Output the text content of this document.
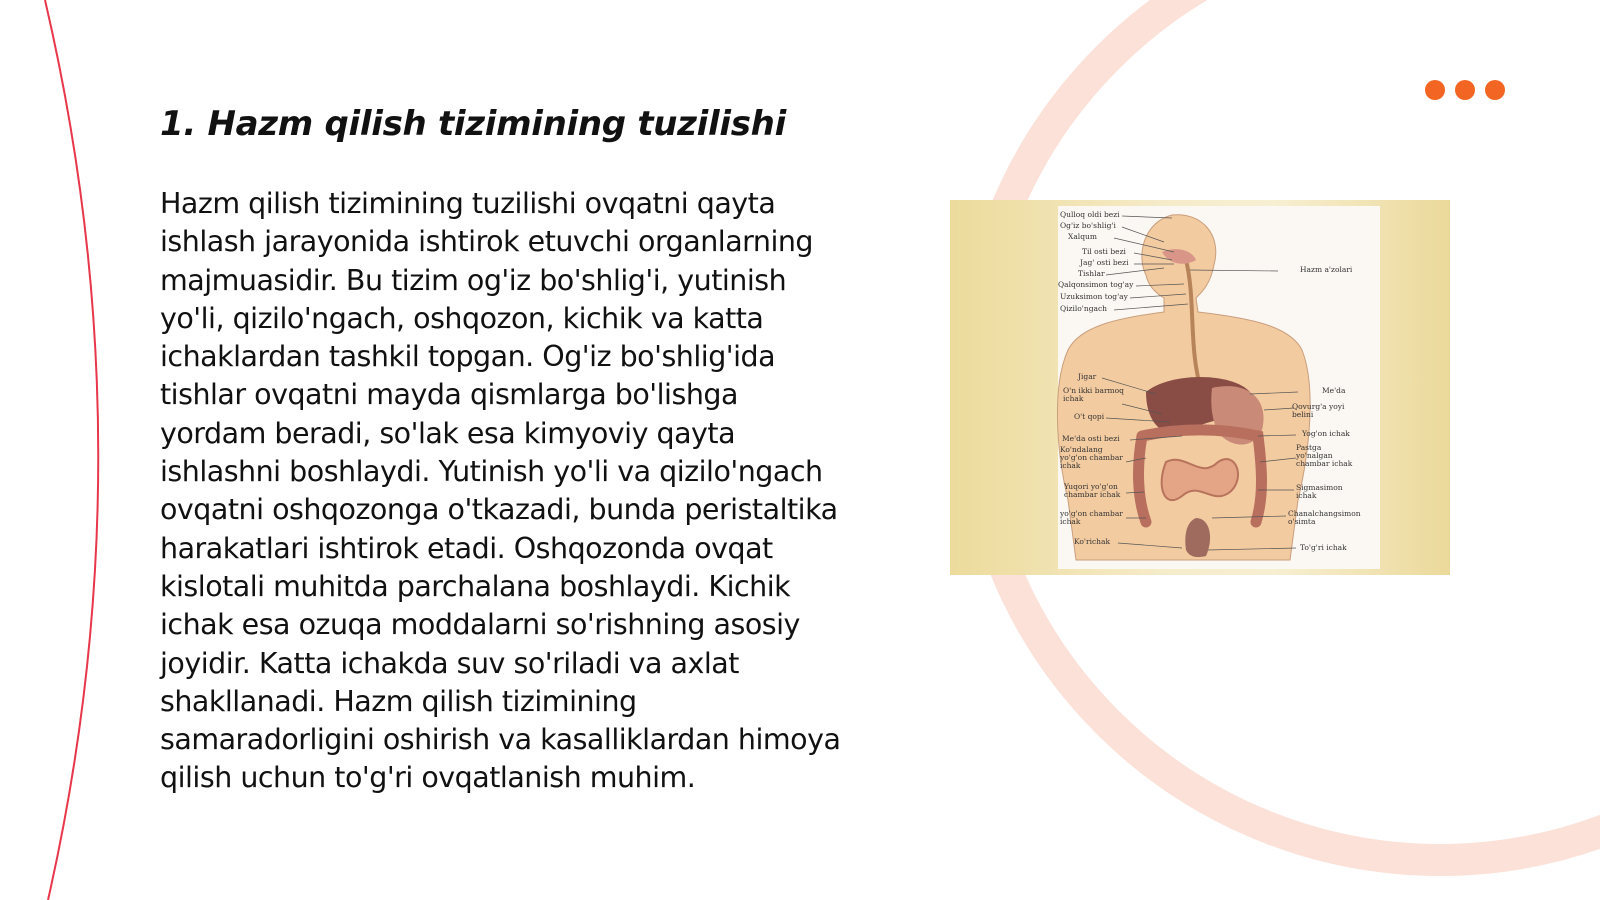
1. Hazm qilish tizimining tuzilishi

Hazm qilish tizimining tuzilishi ovqatni qayta ishlash jarayonida ishtirok etuvchi organlarning majmuasidir. Bu tizim og'iz bo'shlig'i, yutinish yo'li, qizilo'ngach, oshqozon, kichik va katta ichaklardan tashkil topgan. Og'iz bo'shlig'ida tishlar ovqatni mayda qismlarga bo'lishga yordam beradi, so'lak esa kimyoviy qayta ishlashni boshlaydi. Yutinish yo'li va qizilo'ngach ovqatni oshqozonga o'tkazadi, bunda peristaltika harakatlari ishtirok etadi. Oshqozonda ovqat kislotali muhitda parchalana boshlaydi. Kichik ichak esa ozuqa moddalarni so'rishning asosiy joyidir. Katta ichakda suv so'riladi va axlat shakllanadi. Hazm qilish tizimining samaradorligini oshirish va kasalliklardan himoya qilish uchun to'g'ri ovqatlanish muhim.

Qulloq oldi bezi
Og'iz bo'shlig'i
Xalqum
Til osti bezi
Jag' osti bezi
Tishlar
Qalqonsimon tog'ay
Uzuksimon tog'ay
Qizilo'ngach
Jigar
O'n ikki barmoq ichak
O't qopi
Me'da osti bezi
Ko'ndalang yo'g'on chambar ichak
Yuqori yo'g'on chambar ichak
yo'g'on chambar ichak
Ko'richak
Hazm a'zolari
Me'da
Qovurg'a yoyi belini
Yog'on ichak
Pastga yo'nalgan chambar ichak
Sigmasimon ichak
Chanalchangsimon o'simta
To'g'ri ichak
